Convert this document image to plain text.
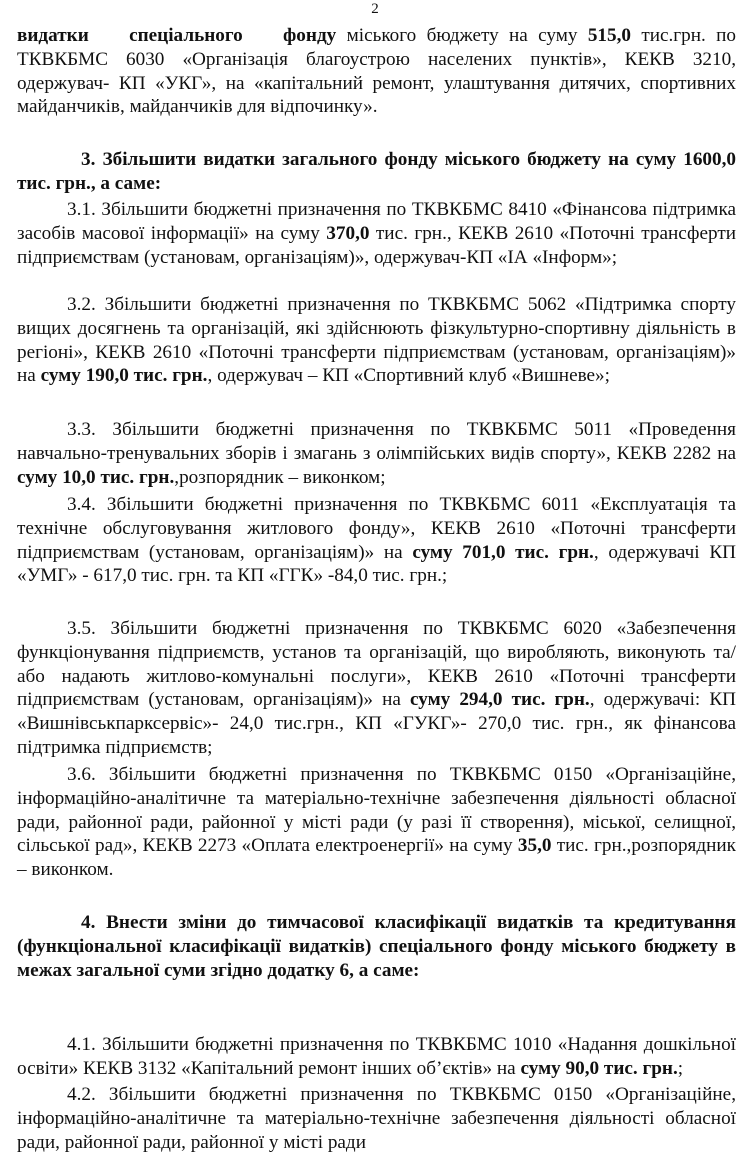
2

видатки спеціального фонду міського бюджету на суму 515,0 тис.грн. по ТКВКБМС 6030 «Організація благоустрою населених пунктів», КЕКВ 3210, одержувач- КП «УКГ», на «капітальний ремонт, улаштування дитячих, спортивних майданчиків, майданчиків для відпочинку».

3. Збільшити видатки загального фонду міського бюджету на суму 1600,0 тис. грн., а саме:

3.1. Збільшити бюджетні призначення по ТКВКБМС 8410 «Фінансова підтримка засобів масової інформації» на суму 370,0 тис. грн., КЕКВ 2610 «Поточні трансферти підприємствам (установам, організаціям)», одержувач-КП «ІА «Інформ»;

3.2. Збільшити бюджетні призначення по ТКВКБМС 5062 «Підтримка спорту вищих досягнень та організацій, які здійснюють фізкультурно-спортивну діяльність в регіоні», КЕКВ 2610 «Поточні трансферти підприємствам (установам, організаціям)» на суму 190,0 тис. грн., одержувач – КП «Спортивний клуб «Вишневе»;

3.3. Збільшити бюджетні призначення по ТКВКБМС 5011 «Проведення навчально-тренувальних зборів і змагань з олімпійських видів спорту», КЕКВ 2282 на суму 10,0 тис. грн.,розпорядник – виконком;

3.4. Збільшити бюджетні призначення по ТКВКБМС 6011 «Експлуатація та технічне обслуговування житлового фонду», КЕКВ 2610 «Поточні трансферти підприємствам (установам, організаціям)» на суму 701,0 тис. грн., одержувачі КП «УМГ» - 617,0 тис. грн. та КП «ГГК» -84,0 тис. грн.;

3.5. Збільшити бюджетні призначення по ТКВКБМС 6020 «Забезпечення функціонування підприємств, установ та організацій, що виробляють, виконують та/або надають житлово-комунальні послуги», КЕКВ 2610 «Поточні трансферти підприємствам (установам, організаціям)» на суму 294,0 тис. грн., одержувачі: КП «Вишнівськпарксервіс»- 24,0 тис.грн., КП «ГУКГ»- 270,0 тис. грн., як фінансова підтримка підприємств;

3.6. Збільшити бюджетні призначення по ТКВКБМС 0150 «Організаційне, інформаційно-аналітичне та матеріально-технічне забезпечення діяльності обласної ради, районної ради, районної у місті ради (у разі її створення), міської, селищної, сільської рад», КЕКВ 2273 «Оплата електроенергії» на суму 35,0 тис. грн.,розпорядник – виконком.

4. Внести зміни до тимчасової класифікації видатків та кредитування (функціональної класифікації видатків) спеціального фонду міського бюджету в межах загальної суми згідно додатку 6, а саме:

4.1. Збільшити бюджетні призначення по ТКВКБМС 1010 «Надання дошкільної освіти» КЕКВ 3132 «Капітальний ремонт інших об’єктів» на суму 90,0 тис. грн.;

4.2. Збільшити бюджетні призначення по ТКВКБМС 0150 «Організаційне, інформаційно-аналітичне та матеріально-технічне забезпечення діяльності обласної ради, районної ради, районної у місті ради
